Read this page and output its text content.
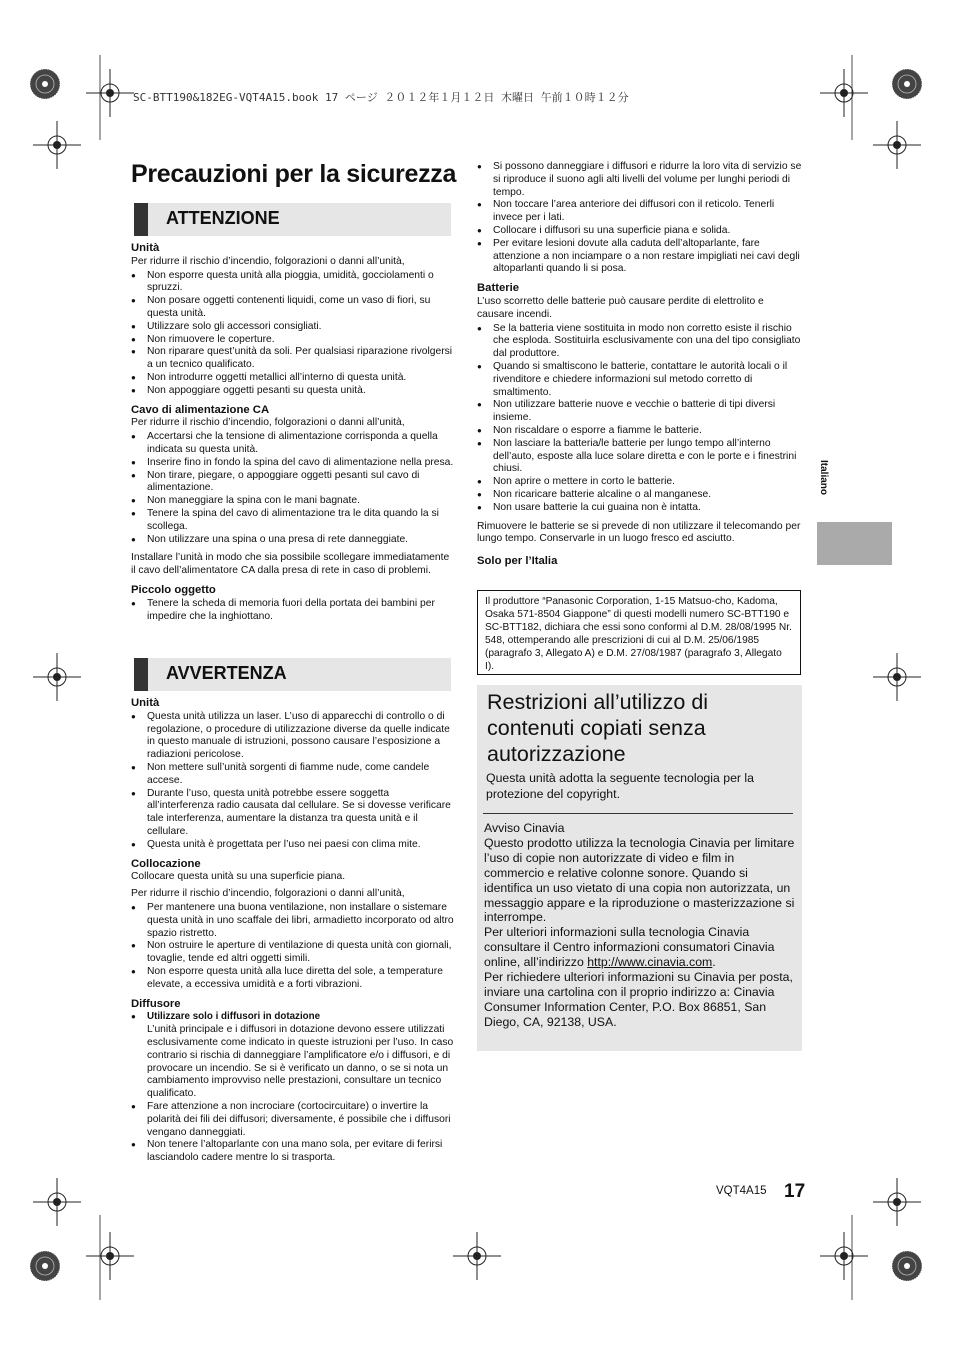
SC-BTT190&182EG-VQT4A15.book 17 ページ ２０１２年１月１２日 木曜日 午前１０時１２分
Precauzioni per la sicurezza
ATTENZIONE
Unità
Per ridurre il rischio d’incendio, folgorazioni o danni all’unità,
● Non esporre questa unità alla pioggia, umidità, gocciolamenti o spruzzi.
● Non posare oggetti contenenti liquidi, come un vaso di fiori, su questa unità.
● Utilizzare solo gli accessori consigliati.
● Non rimuovere le coperture.
● Non riparare quest’unità da soli. Per qualsiasi riparazione rivolgersi a un tecnico qualificato.
● Non introdurre oggetti metallici all’interno di questa unità.
● Non appoggiare oggetti pesanti su questa unità.
Cavo di alimentazione CA
Per ridurre il rischio d’incendio, folgorazioni o danni all’unità,
● Accertarsi che la tensione di alimentazione corrisponda a quella indicata su questa unità.
● Inserire fino in fondo la spina del cavo di alimentazione nella presa.
● Non tirare, piegare, o appoggiare oggetti pesanti sul cavo di alimentazione.
● Non maneggiare la spina con le mani bagnate.
● Tenere la spina del cavo di alimentazione tra le dita quando la si scollega.
● Non utilizzare una spina o una presa di rete danneggiate.
Installare l’unità in modo che sia possibile scollegare immediatamente il cavo dell’alimentatore CA dalla presa di rete in caso di problemi.
Piccolo oggetto
● Tenere la scheda di memoria fuori della portata dei bambini per impedire che la inghiottano.
AVVERTENZA
Unità
● Questa unità utilizza un laser. L’uso di apparecchi di controllo o di regolazione, o procedure di utilizzazione diverse da quelle indicate in questo manuale di istruzioni, possono causare l’esposizione a radiazioni pericolose.
● Non mettere sull’unità sorgenti di fiamme nude, come candele accese.
● Durante l’uso, questa unità potrebbe essere soggetta all’interferenza radio causata dal cellulare. Se si dovesse verificare tale interferenza, aumentare la distanza tra questa unità e il cellulare.
● Questa unità è progettata per l’uso nei paesi con clima mite.
Collocazione
Collocare questa unità su una superficie piana.
Per ridurre il rischio d’incendio, folgorazioni o danni all’unità,
● Per mantenere una buona ventilazione, non installare o sistemare questa unità in uno scaffale dei libri, armadietto incorporato od altro spazio ristretto.
● Non ostruire le aperture di ventilazione di questa unità con giornali, tovaglie, tende ed altri oggetti simili.
● Non esporre questa unità alla luce diretta del sole, a temperature elevate, a eccessiva umidità e a forti vibrazioni.
Diffusore
● Utilizzare solo i diffusori in dotazione
L’unità principale e i diffusori in dotazione devono essere utilizzati esclusivamente come indicato in queste istruzioni per l’uso. In caso contrario si rischia di danneggiare l’amplificatore e/o i diffusori, e di provocare un incendio. Se si è verificato un danno, o se si nota un cambiamento improvviso nelle prestazioni, consultare un tecnico qualificato.
● Fare attenzione a non incrociare (cortocircuitare) o invertire la polarità dei fili dei diffusori; diversamente, é possibile che i diffusori vengano danneggiati.
● Non tenere l’altoparlante con una mano sola, per evitare di ferirsi lasciandolo cadere mentre lo si trasporta.
● Si possono danneggiare i diffusori e ridurre la loro vita di servizio se si riproduce il suono agli alti livelli del volume per lunghi periodi di tempo.
● Non toccare l’area anteriore dei diffusori con il reticolo. Tenerli invece per i lati.
● Collocare i diffusori su una superficie piana e solida.
● Per evitare lesioni dovute alla caduta dell’altoparlante, fare attenzione a non inciampare o a non restare impigliati nei cavi degli altoparlanti quando li si posa.
Batterie
L’uso scorretto delle batterie può causare perdite di elettrolito e causare incendi.
● Se la batteria viene sostituita in modo non corretto esiste il rischio che esploda. Sostituirla esclusivamente con una del tipo consigliato dal produttore.
● Quando si smaltiscono le batterie, contattare le autorità locali o il rivenditore e chiedere informazioni sul metodo corretto di smaltimento.
● Non utilizzare batterie nuove e vecchie o batterie di tipi diversi insieme.
● Non riscaldare o esporre a fiamme le batterie.
● Non lasciare la batteria/le batterie per lungo tempo all’interno dell’auto, esposte alla luce solare diretta e con le porte e i finestrini chiusi.
● Non aprire o mettere in corto le batterie.
● Non ricaricare batterie alcaline o al manganese.
● Non usare batterie la cui guaina non è intatta.
Rimuovere le batterie se si prevede di non utilizzare il telecomando per lungo tempo. Conservarle in un luogo fresco ed asciutto.
Solo per l’Italia
Il produttore “Panasonic Corporation, 1-15 Matsuo-cho, Kadoma, Osaka 571-8504 Giappone” di questi modelli numero SC-BTT190 e SC-BTT182, dichiara che essi sono conformi al D.M. 28/08/1995 Nr. 548, ottemperando alle prescrizioni di cui al D.M. 25/06/1985 (paragrafo 3, Allegato A) e D.M. 27/08/1987 (paragrafo 3, Allegato I).
Restrizioni all’utilizzo di contenuti copiati senza autorizzazione
Questa unità adotta la seguente tecnologia per la protezione del copyright.
Avviso Cinavia
Questo prodotto utilizza la tecnologia Cinavia per limitare l’uso di copie non autorizzate di video e film in commercio e relative colonne sonore. Quando si identifica un uso vietato di una copia non autorizzata, un messaggio appare e la riproduzione o masterizzazione si interrompe.
Per ulteriori informazioni sulla tecnologia Cinavia consultare il Centro informazioni consumatori Cinavia online, all’indirizzo http://www.cinavia.com.
Per richiedere ulteriori informazioni su Cinavia per posta, inviare una cartolina con il proprio indirizzo a: Cinavia Consumer Information Center, P.O. Box 86851, San Diego, CA, 92138, USA.
Italiano
VQT4A15 17
